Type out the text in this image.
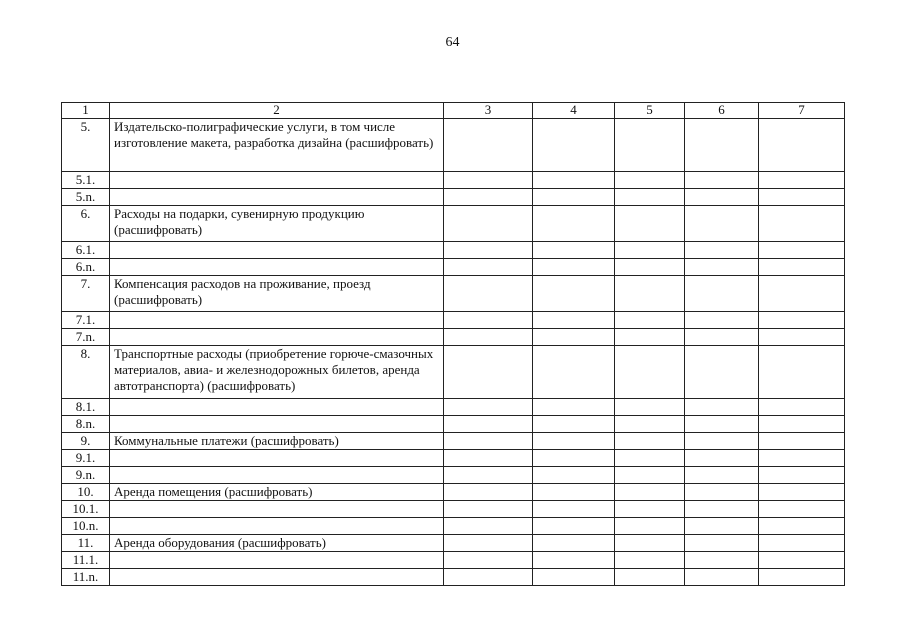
64
1	2	3	4	5	6	7
5.	Издательско-полиграфические услуги, в том числе изготовление макета, разработка дизайна (расшифровать)					
5.1.						
5.n.						
6.	Расходы на подарки, сувенирную продукцию (расшифровать)					
6.1.						
6.n.						
7.	Компенсация расходов на проживание, проезд (расшифровать)					
7.1.						
7.n.						
8.	Транспортные расходы (приобретение горюче-смазочных материалов, авиа- и железнодорожных билетов, аренда автотранспорта) (расшифровать)					
8.1.						
8.n.						
9.	Коммунальные платежи (расшифровать)					
9.1.						
9.n.						
10.	Аренда помещения (расшифровать)					
10.1.						
10.n.						
11.	Аренда оборудования (расшифровать)					
11.1.						
11.n.						
